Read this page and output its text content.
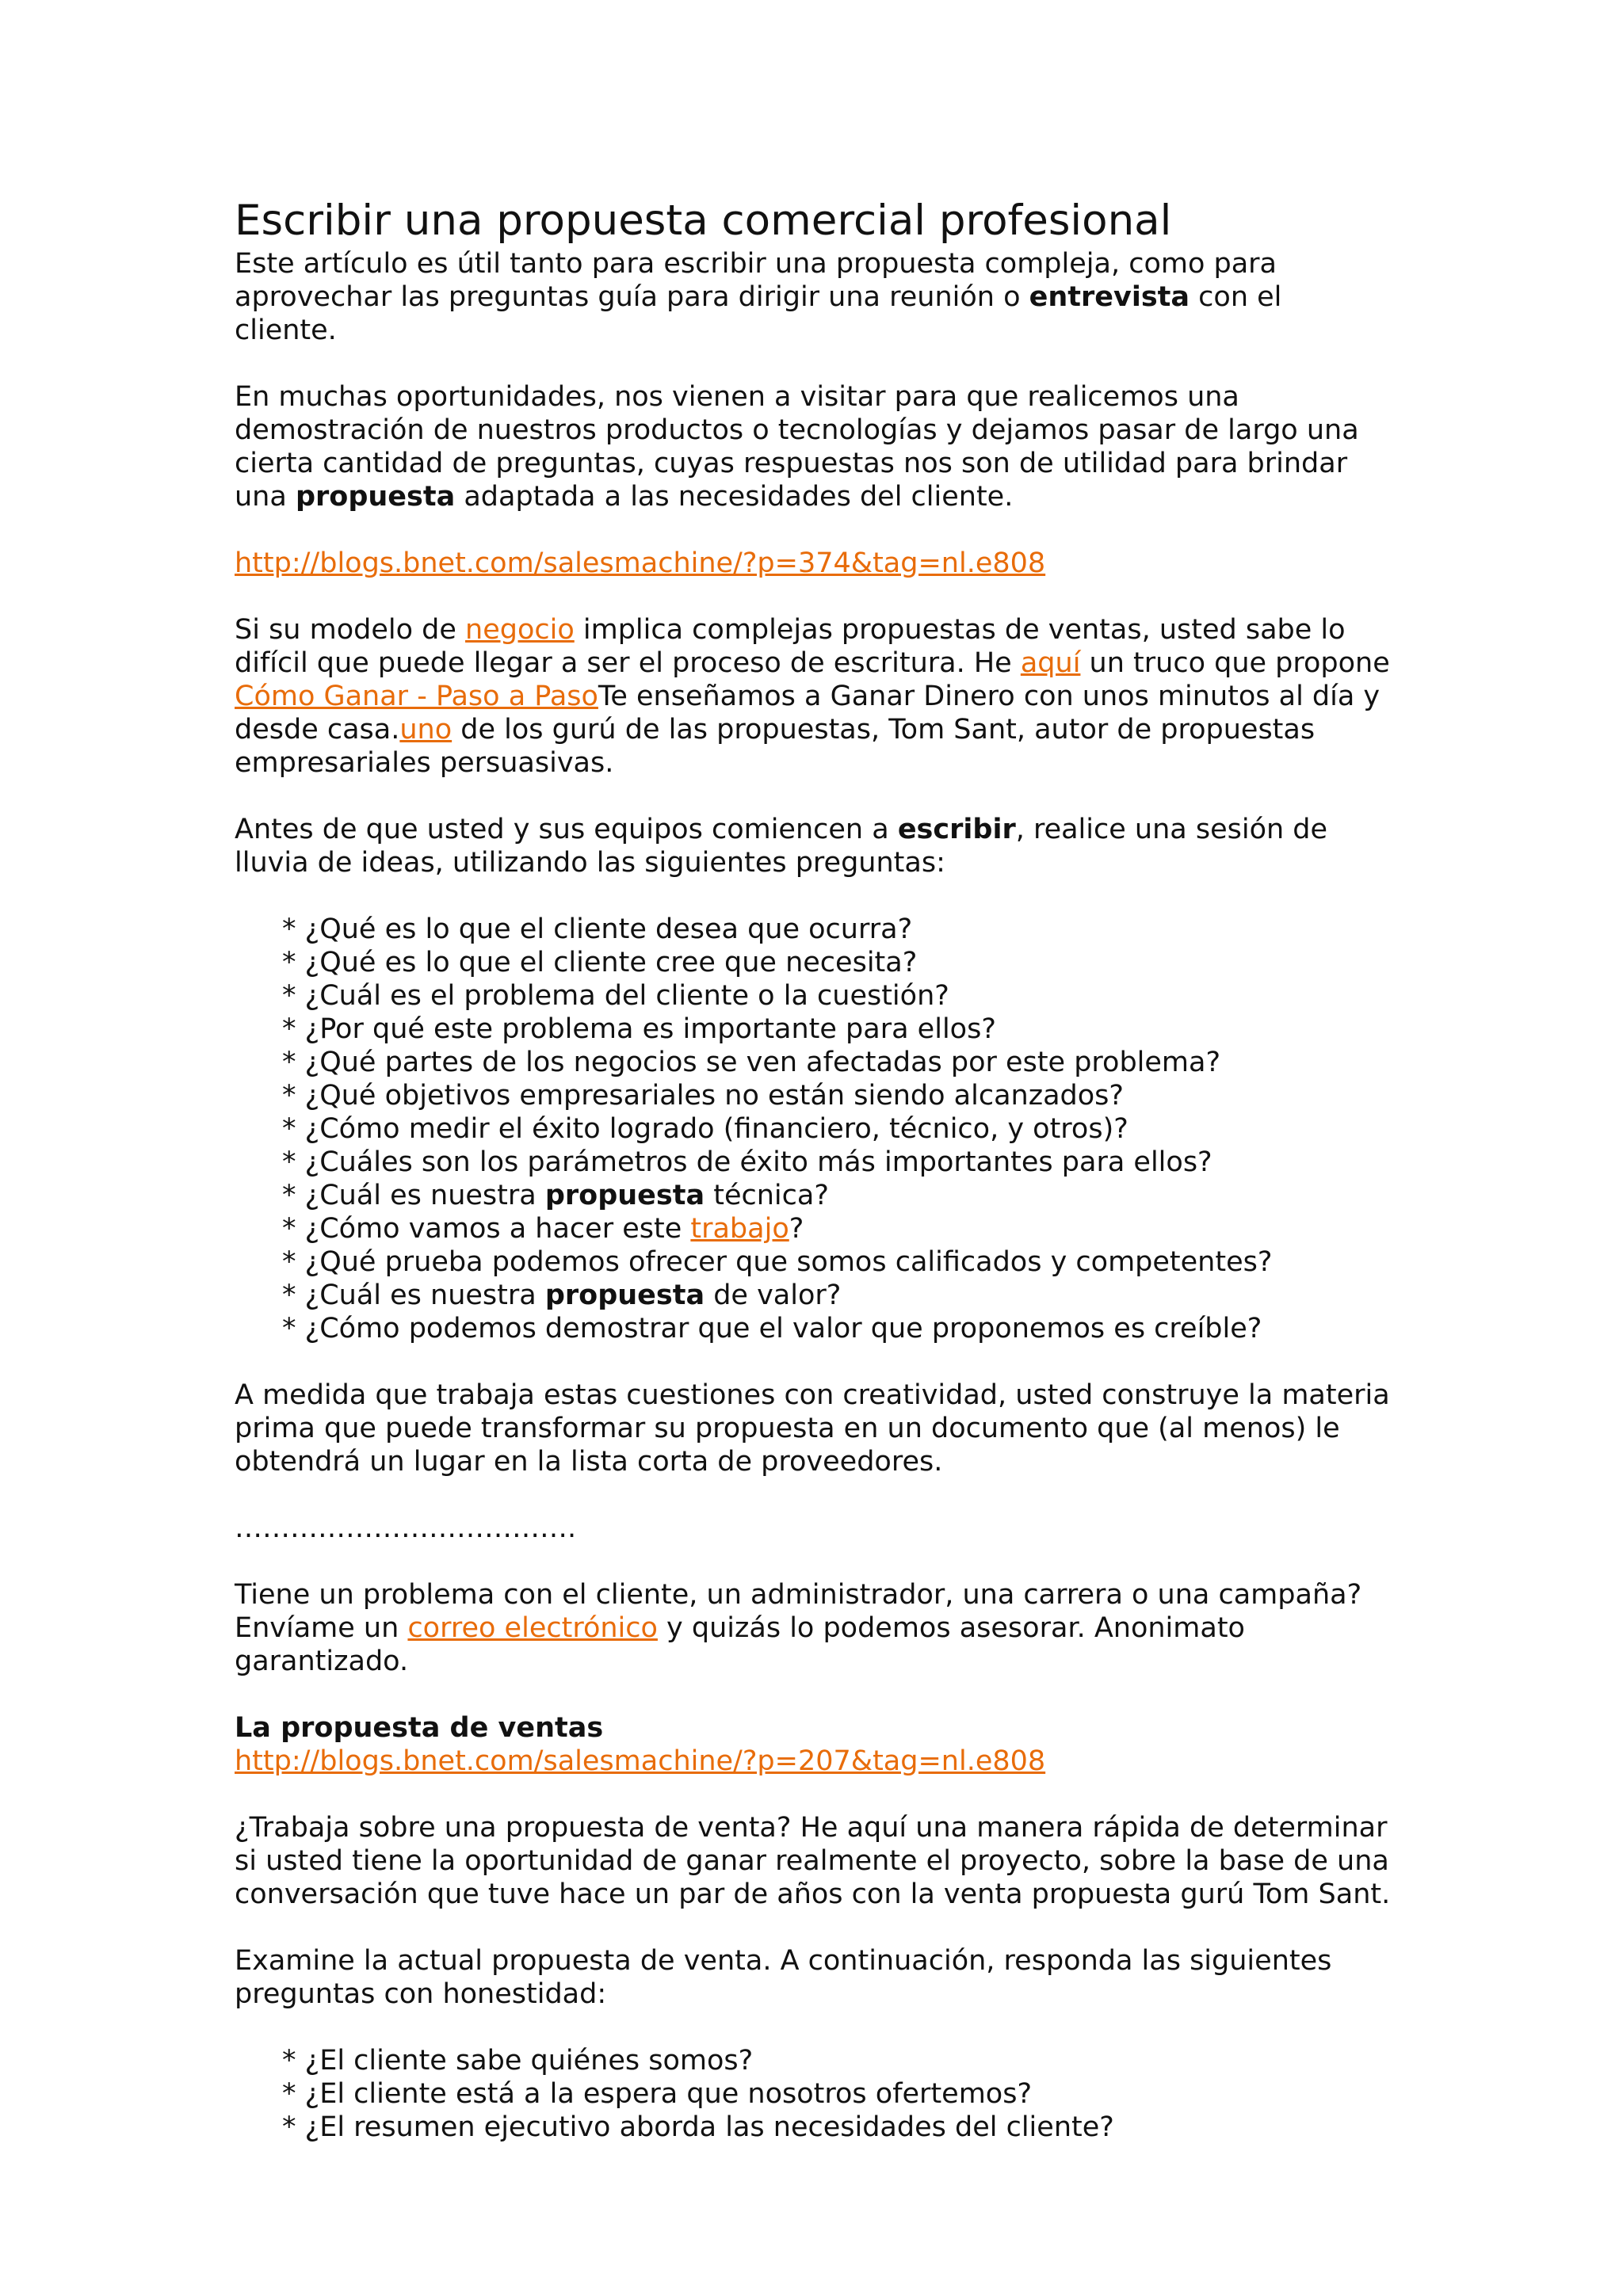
Escribir una propuesta comercial profesional

Este artículo es útil tanto para escribir una propuesta compleja, como para aprovechar las preguntas guía para dirigir una reunión o entrevista con el cliente.

En muchas oportunidades, nos vienen a visitar para que realicemos una demostración de nuestros productos o tecnologías y dejamos pasar de largo una cierta cantidad de preguntas, cuyas respuestas nos son de utilidad para brindar una propuesta adaptada a las necesidades del cliente.

http://blogs.bnet.com/salesmachine/?p=374&tag=nl.e808

Si su modelo de negocio implica complejas propuestas de ventas, usted sabe lo difícil que puede llegar a ser el proceso de escritura. He aquí un truco que propone Cómo Ganar - Paso a PasoTe enseñamos a Ganar Dinero con unos minutos al día y desde casa.uno de los gurú de las propuestas, Tom Sant, autor de propuestas empresariales persuasivas.

Antes de que usted y sus equipos comiencen a escribir, realice una sesión de lluvia de ideas, utilizando las siguientes preguntas:

* ¿Qué es lo que el cliente desea que ocurra?
* ¿Qué es lo que el cliente cree que necesita?
* ¿Cuál es el problema del cliente o la cuestión?
* ¿Por qué este problema es importante para ellos?
* ¿Qué partes de los negocios se ven afectadas por este problema?
* ¿Qué objetivos empresariales no están siendo alcanzados?
* ¿Cómo medir el éxito logrado (financiero, técnico, y otros)?
* ¿Cuáles son los parámetros de éxito más importantes para ellos?
* ¿Cuál es nuestra propuesta técnica?
* ¿Cómo vamos a hacer este trabajo?
* ¿Qué prueba podemos ofrecer que somos calificados y competentes?
* ¿Cuál es nuestra propuesta de valor?
* ¿Cómo podemos demostrar que el valor que proponemos es creíble?

A medida que trabaja estas cuestiones con creatividad, usted construye la materia prima que puede transformar su propuesta en un documento que (al menos) le obtendrá un lugar en la lista corta de proveedores.

……………………………….

Tiene un problema con el cliente, un administrador, una carrera o una campaña? Envíame un correo electrónico y quizás lo podemos asesorar. Anonimato garantizado.

La propuesta de ventas

http://blogs.bnet.com/salesmachine/?p=207&tag=nl.e808

¿Trabaja sobre una propuesta de venta? He aquí una manera rápida de determinar si usted tiene la oportunidad de ganar realmente el proyecto, sobre la base de una conversación que tuve hace un par de años con la venta propuesta gurú Tom Sant.

Examine la actual propuesta de venta. A continuación, responda las siguientes preguntas con honestidad:

* ¿El cliente sabe quiénes somos?
* ¿El cliente está a la espera que nosotros ofertemos?
* ¿El resumen ejecutivo aborda las necesidades del cliente?
